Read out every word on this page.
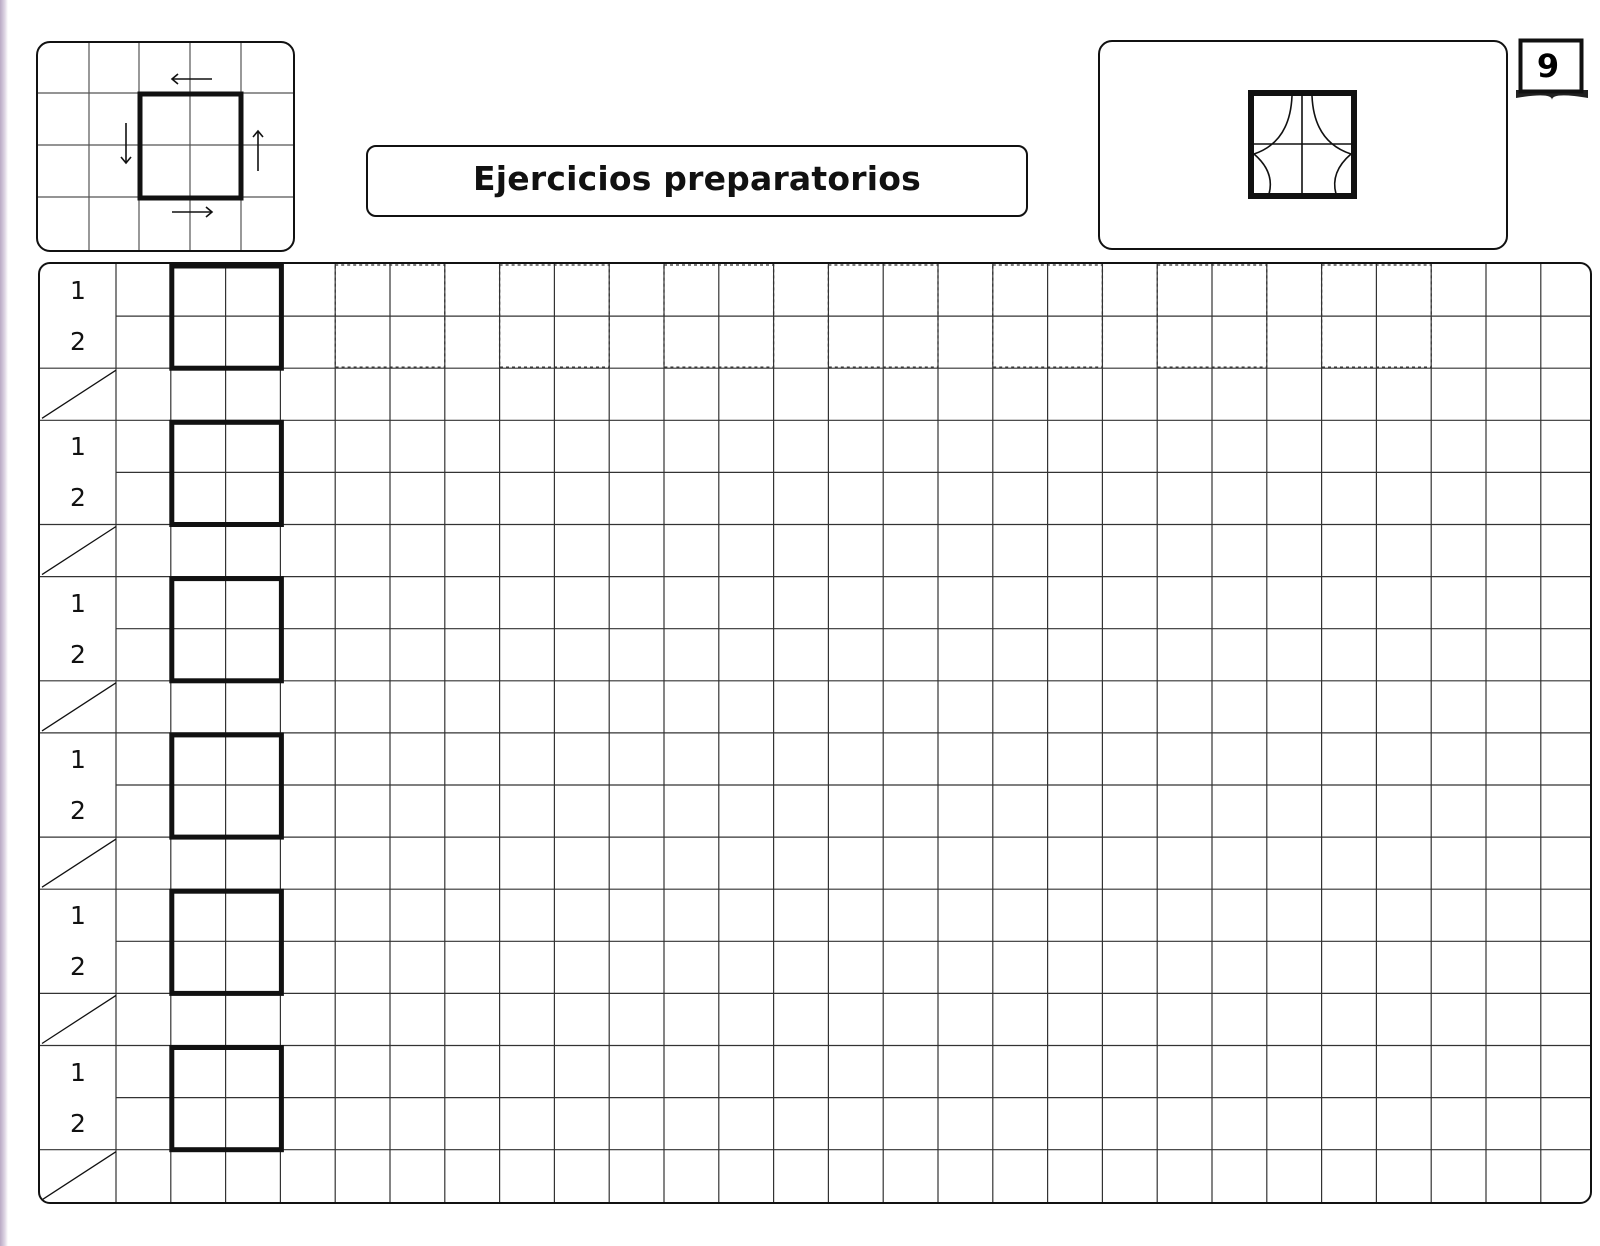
Ejercicios preparatorios
9
1
2
1
2
1
2
1
2
1
2
1
2
